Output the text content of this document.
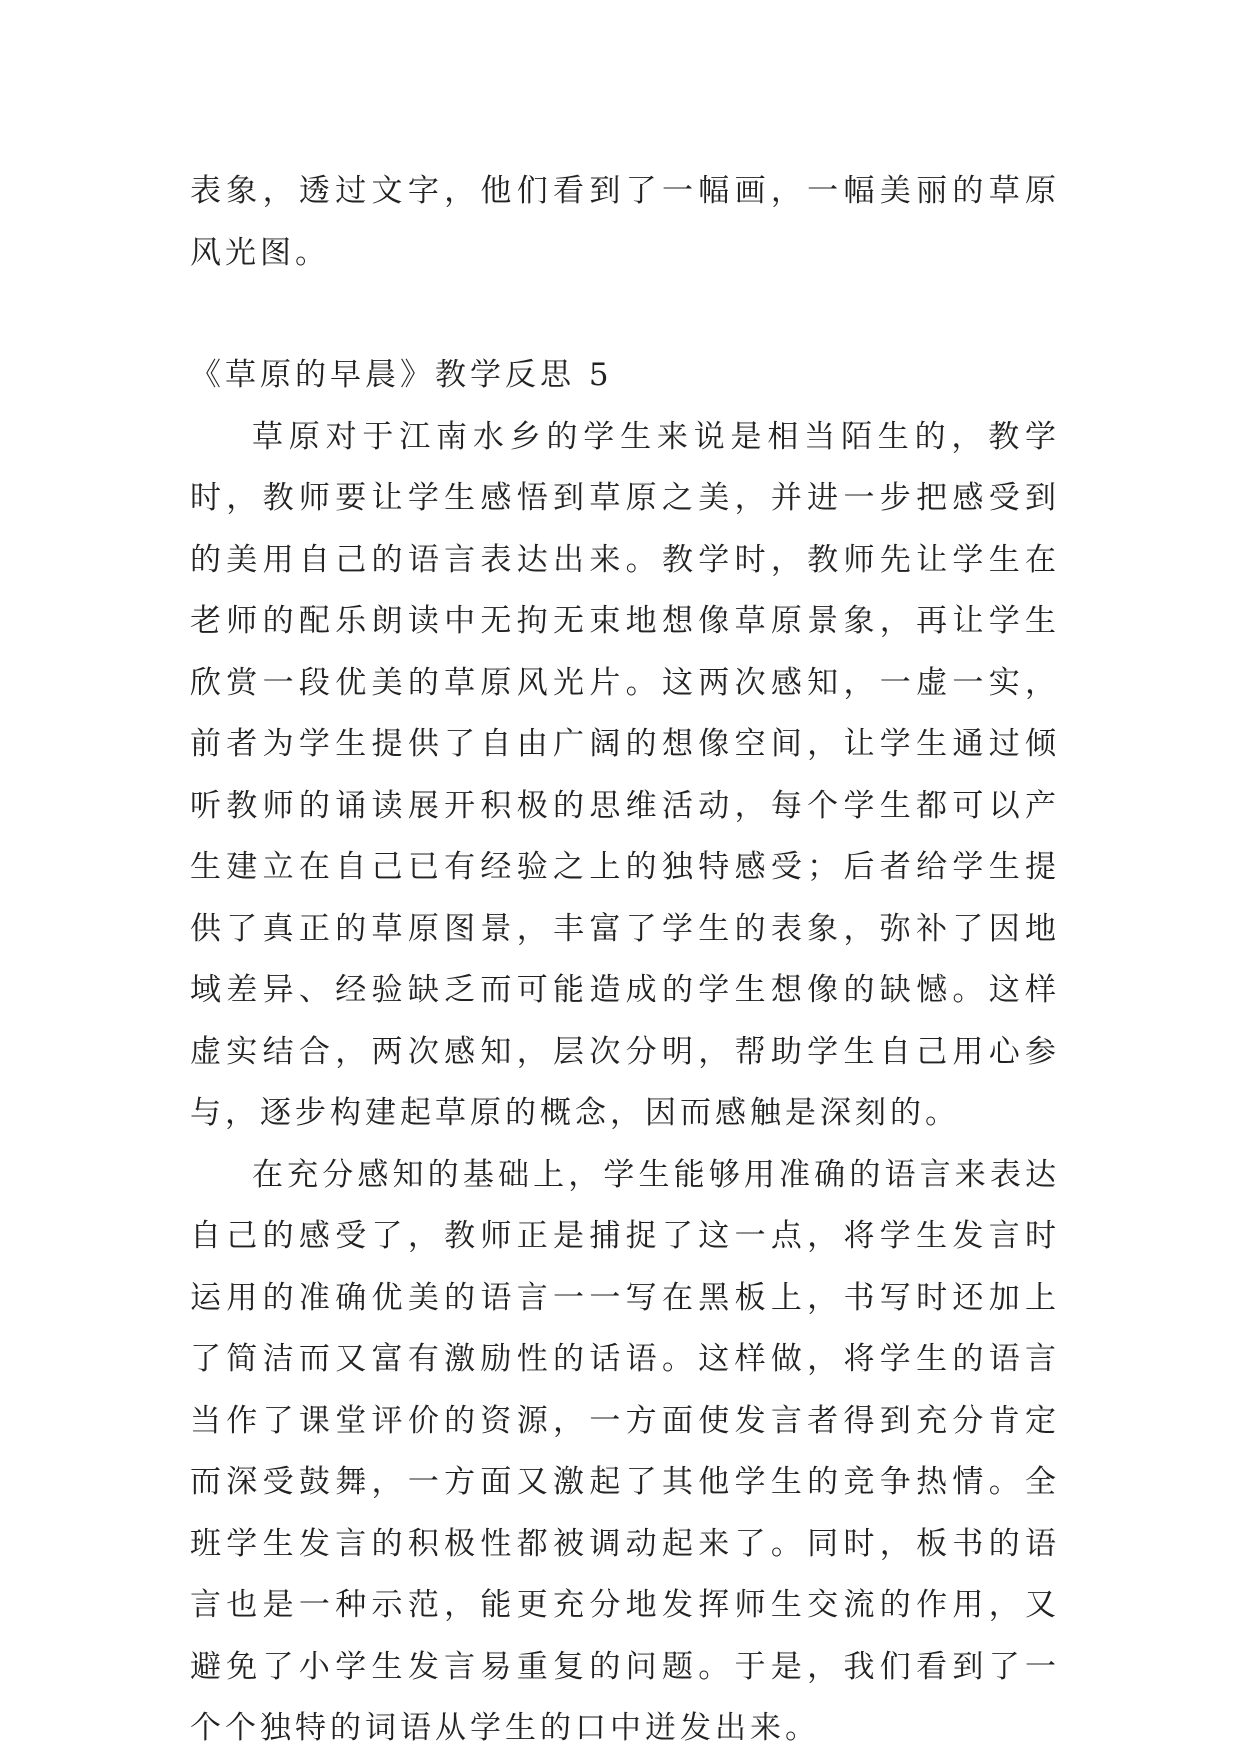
表象，透过文字，他们看到了一幅画，一幅美丽的草原风光图。

《草原的早晨》教学反思 5

草原对于江南水乡的学生来说是相当陌生的，教学时，教师要让学生感悟到草原之美，并进一步把感受到的美用自己的语言表达出来。教学时，教师先让学生在老师的配乐朗读中无拘无束地想像草原景象，再让学生欣赏一段优美的草原风光片。这两次感知，一虚一实，前者为学生提供了自由广阔的想像空间，让学生通过倾听教师的诵读展开积极的思维活动，每个学生都可以产生建立在自己已有经验之上的独特感受；后者给学生提供了真正的草原图景，丰富了学生的表象，弥补了因地域差异、经验缺乏而可能造成的学生想像的缺憾。这样虚实结合，两次感知，层次分明，帮助学生自己用心参与，逐步构建起草原的概念，因而感触是深刻的。

在充分感知的基础上，学生能够用准确的语言来表达自己的感受了，教师正是捕捉了这一点，将学生发言时运用的准确优美的语言一一写在黑板上，书写时还加上了简洁而又富有激励性的话语。这样做，将学生的语言当作了课堂评价的资源，一方面使发言者得到充分肯定而深受鼓舞，一方面又激起了其他学生的竞争热情。全班学生发言的积极性都被调动起来了。同时，板书的语言也是一种示范，能更充分地发挥师生交流的作用，又避免了小学生发言易重复的问题。于是，我们看到了一个个独特的词语从学生的口中迸发出来。
